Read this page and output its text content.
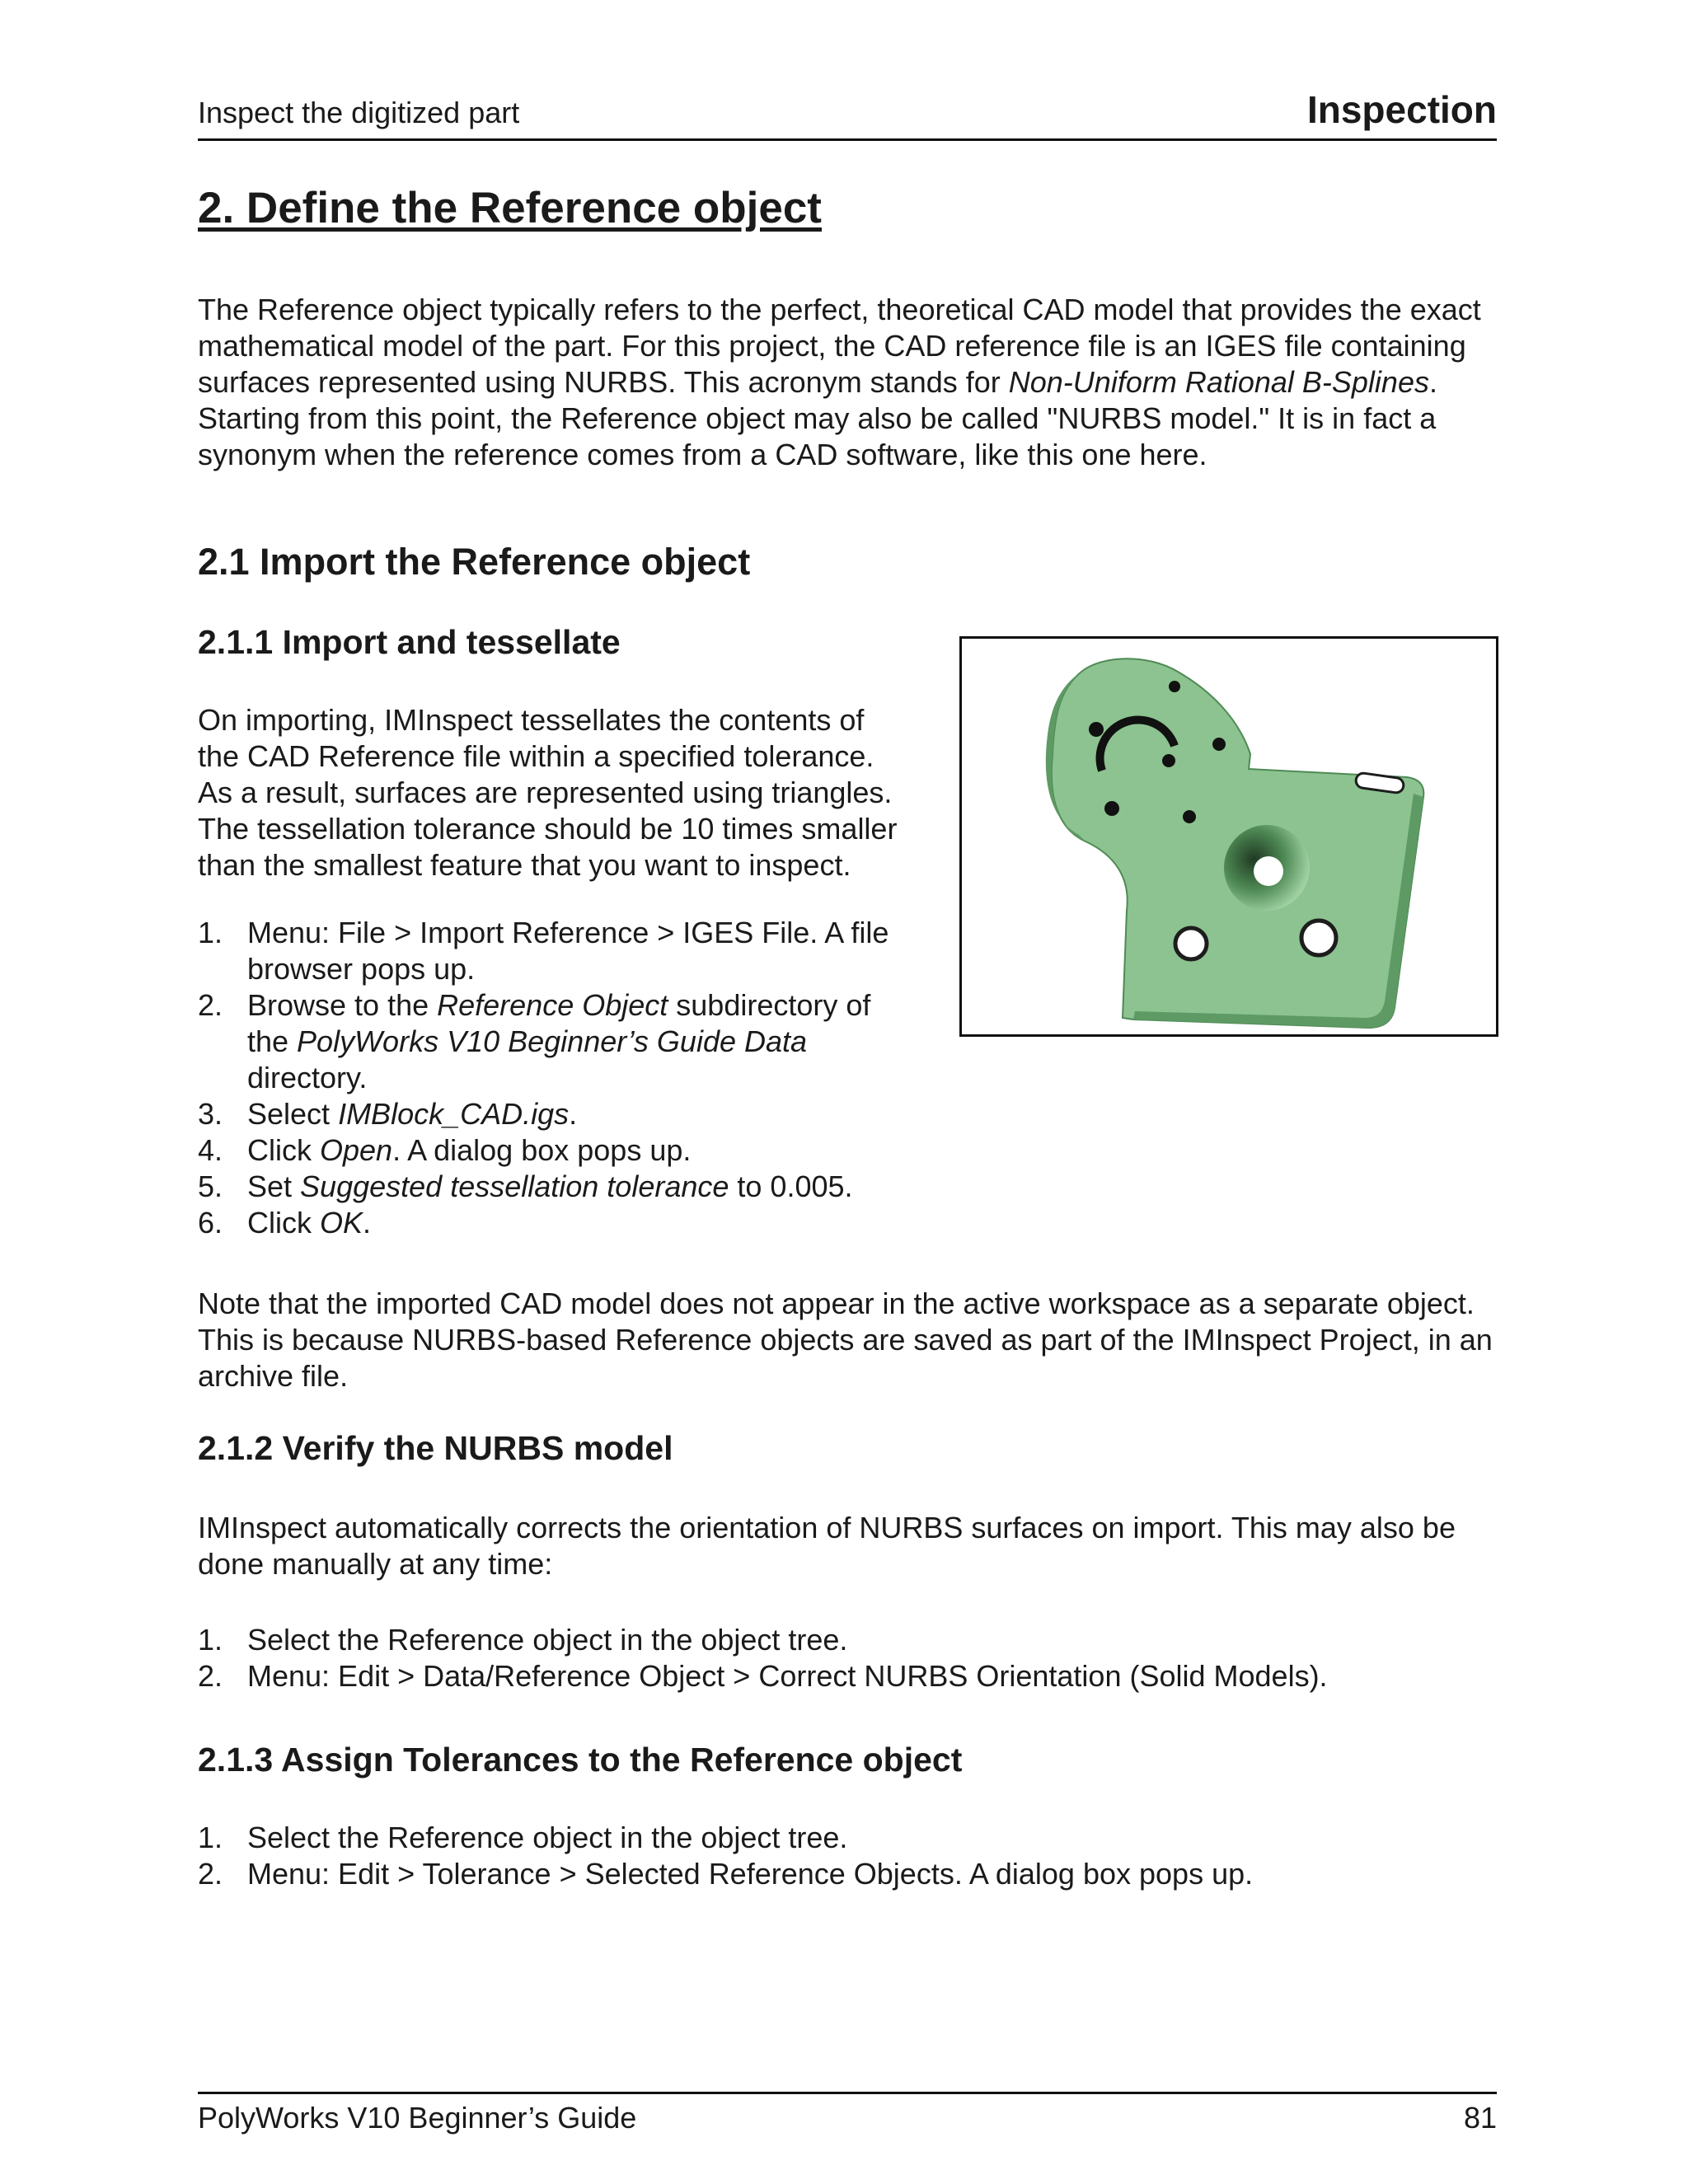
Inspect the digitized part	Inspection
2. Define the Reference object

The Reference object typically refers to the perfect, theoretical CAD model that provides the exact mathematical model of the part. For this project, the CAD reference file is an IGES file containing surfaces represented using NURBS. This acronym stands for Non-Uniform Rational B-Splines. Starting from this point, the Reference object may also be called "NURBS model." It is in fact a synonym when the reference comes from a CAD software, like this one here.

2.1 Import the Reference object
2.1.1 Import and tessellate

On importing, IMInspect tessellates the contents of the CAD Reference file within a specified tolerance. As a result, surfaces are represented using triangles. The tessellation tolerance should be 10 times smaller than the smallest feature that you want to inspect.

1. Menu: File > Import Reference > IGES File. A file browser pops up.
2. Browse to the Reference Object subdirectory of the PolyWorks V10 Beginner’s Guide Data directory.
3. Select IMBlock_CAD.igs.
4. Click Open. A dialog box pops up.
5. Set Suggested tessellation tolerance to 0.005.
6. Click OK.

Note that the imported CAD model does not appear in the active workspace as a separate object. This is because NURBS-based Reference objects are saved as part of the IMInspect Project, in an archive file.

2.1.2 Verify the NURBS model

IMInspect automatically corrects the orientation of NURBS surfaces on import. This may also be done manually at any time:

1. Select the Reference object in the object tree.
2. Menu: Edit > Data/Reference Object > Correct NURBS Orientation (Solid Models).
2.1.3 Assign Tolerances to the Reference object
1. Select the Reference object in the object tree.
2. Menu: Edit > Tolerance > Selected Reference Objects. A dialog box pops up.
PolyWorks V10 Beginner’s Guide	81
